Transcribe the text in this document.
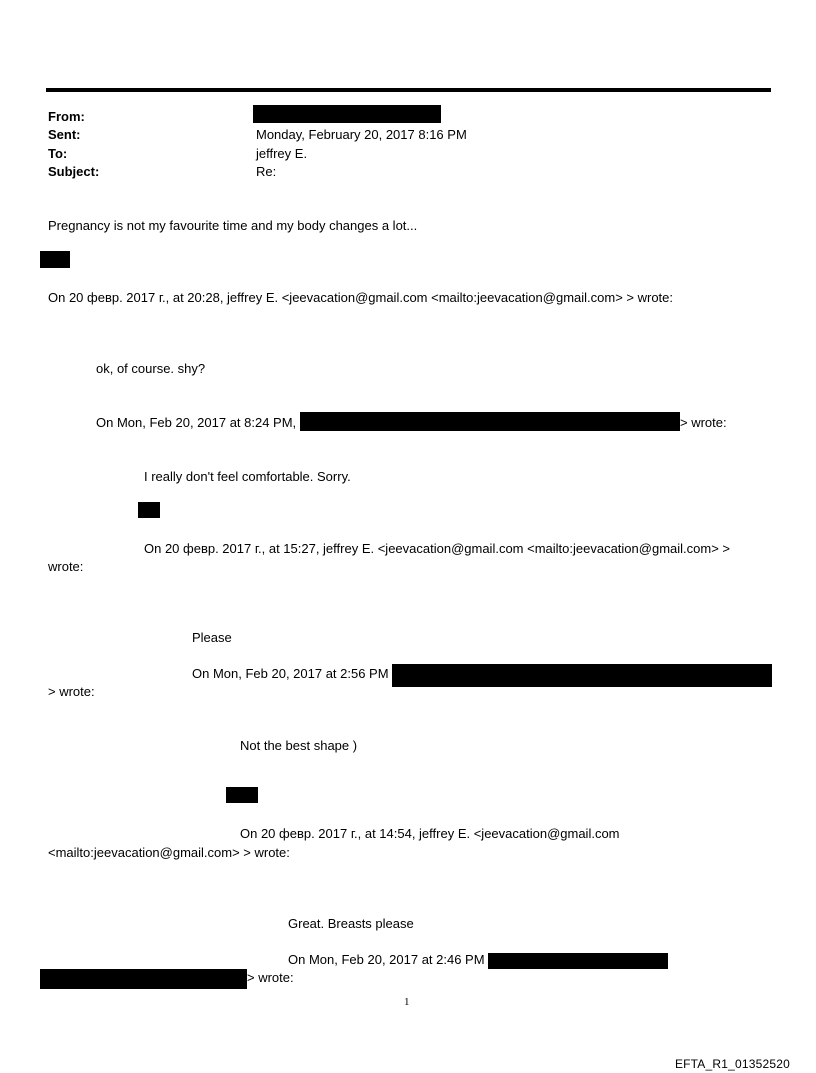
From:
Sent:	Monday, February 20, 2017 8:16 PM
To:	jeffrey E.
Subject:	Re:
Pregnancy is not my favourite time and my body changes a lot...
On 20 февр. 2017 г., at 20:28, jeffrey E. <jeevacation@gmail.com <mailto:jeevacation@gmail.com> > wrote:
ok, of course. shy?
On Mon, Feb 20, 2017 at 8:24 PM,	> wrote:
I really don't feel comfortable. Sorry.
On 20 февр. 2017 г., at 15:27, jeffrey E. <jeevacation@gmail.com <mailto:jeevacation@gmail.com> >
wrote:
Please
On Mon, Feb 20, 2017 at 2:56 PM
> wrote:
Not the best shape )
On 20 февр. 2017 г., at 14:54, jeffrey E. <jeevacation@gmail.com
<mailto:jeevacation@gmail.com> > wrote:
Great. Breasts please
On Mon, Feb 20, 2017 at 2:46 PM
> wrote:
1
EFTA_R1_01352520
